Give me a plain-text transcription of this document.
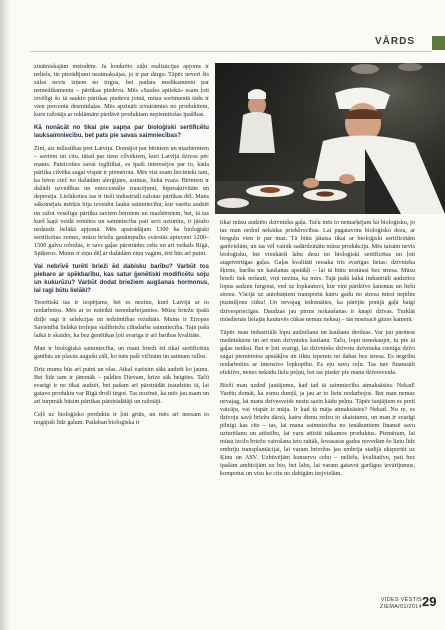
VĀRDS

zinātniskajām metodēm. Ja konkrēto zāļu realizācijas apjoms ir neliels, tie pierādījumi neatmaksājas, jo ir par dārgu. Tāpēc neveri šīs zāles nevis izņem no tirgus, bet padara medikamentu par nemedikamentu – pārtikas piedevu. Mēs «Saules aptiekā» esam ļoti izvēlīgi šo tā saukto pārtikas piedevu jomā, mūsu sortimentā tādu ir vien procenta desmitdaļas. Mēs apzināti izvairāmies no produktiem, kuru ražotājs ar reklāmām piedāvē produktam nepiemītošas īpašības.

Kā nonācāt no tikai pie sapņa par bioloģiski sertificētu lauksaimniecību, bet pats pie savas saimniecības?

Zini, aiz mīlestības pret Latviju. Domājot par bērniem un mazbērniem – saviem un citu, tātad par tiem cilvēkiem, kuri Latvijā dzīvos pēc manis. Pateicoties savai izglītībai, es īpaši interesējos par to, kāda pārtika cilvēka sugai vispār ir piemērota. Mēs visi esam liecinieki tam, ka bērni ciež no dažādām alerģijām, astmas, liekā svara. Bērniem ir dažādi uzvedības un emocionālie traucējumi, hiperaktivitāte un depresija. Lielākoties tas ir tieši industriāli ražotas pārtikas dēļ. Mans sākotnējais mērķis bija izveidot lauku saimniecību, kur varētu audzēt un ražot veselīgu pārtiku saviem bērniem un mazbērniem, bet, tā tas kurš kaŗā veidā rentētos un saimniecība pati sevi uzturētu, ir jāražo nedaudz lielākā apjomā. Mēs apstrādājam 1300 ha bioloģiski sertificētas zemes, mūsu briežu ganāmpulks svārstās aptuveni 1200–1500 galvu robežās, ir savs gaļas pārstrādes cehs un arī veikals Rīgā, Spīķeros. Mums ir ziņu dēļ ar dažādām ziņu vagām, ērtī būs arī putni.

Vai nebrīvē turēti brieži ēd dabisku barību? Varbūt tos piebaro ar spēkbarību, kas satur ģenētiski modificētu soju un kukurūzu? Varbūt dodat briežiem augšanas hormonus, lai ragi būtu lielāki?

Teorētiski tas ir iespējams, bet es nezinu, kurš Latvijā ar to nodarbotos. Mēs ar to noteikti nenodarbojamies. Mūsu briežu īpašā dzīļe ragi ir selekcijas un iedzimtības rezultāts. Mums ir Eiropas Savienībā lielākā trofejas staltbriežu ciltsdarba saimniecība. Tajā pašā laikā ir skaidrs, ka bez ģenētikas ļoti svarīga ir arī barības kvalitāte.

Man ir bioloģiskā saimniecība, un mani brieži ēd tikai sertificētās ganībās un plavās augušu zāli, ko mēs paši vīčinām un satinam rullos.

Drīz mums būs arī putni un olas. Atkal varēsim sākt audzēt ko jaunu. Bet līdz tam ir jānonāk – paldies Dievam, krīze sāk beigties. Tačū svarīgi ir ne tikai audzēt, bet pašam arī pārstrādāt izaudzēto tā, lai gatavo produktu var Rīgā drošī tirgot. Tas nozīmē, ka mēs jau esam un arī turpmāk būsim pārtikas pārstrādātāji un ražotāji.

Ceļš uz bioloģisko produktu ir ļoti grūts, un mēs arī neesam to nogājuši līdz galam. Patlaban bioloģiska ir

tikai mūsu audzēto dzīvnieku gaļa. Taču mēs to nemarķējam kā bioloģisku, jo tas man nedod nekādas priekšrocības. Lai pagatavotu bioloģisko desu, ar bioguļu vien ir par maz. Tā būtu jātaisa tikai ar bioloģiski sertificētām garšvielām, un tas vēl vairāk sadārdzinātu mūsu produkciju. Mēs taisām nevis bioloģisku, bet vienkārši labu desu no bioloģiski sertificētas un ļoti augstvērtīgas gaļas. Gaļas kvalitāti nosaka trīs svarīgas lietas: dzīvnieka šķirne, barība un kaušanas apstākļi – lai tā būtu nostāusi bez stresa. Mūsu brieži tiek nošauti, viņi nezina, ka mirs. Tajā pašā laikā industriāli audzētos lopus sadzen furgonā, ved uz lopkautuvi, kur viņi pārdzīvo šausmas un lielu stresu. Vācijā uz autobāņiem transportā katru gadu no stresa mirst nepilns pusmiljons cūku! Un nevajag iedomāties, ka pārējās ponijā gaļā baigi dzīvespriecīgās. Daudzas jau pirms nokaušanas ir knapi dzīvas. Turklāt mūsdienās lielajās kautuvēs cūkas nemaz nekauj – tās nosmacē gāzes kamerā.

Tāpēc man industriālā lopu audzēšana un kaušana derdzas. Var jau pārmest medniekiem un arī man dzīvnieku šaušanu. Taču, lopu nenokaujot, tu pie tā gaļas netiksi. Bet ir ļoti svarīgi, lai dzīvnieks dzīvotu dzīvnieka cienīgu dzīvi sugai piemērotos apstākļos un tiktu izpemts no dabas bez stresa. Es negribu nodarboties ar intensīvo lopkopību. Es eju savu ceļu. Tas nav finansiāli efektīvs, nenes nekādu lielu peļņu, bet tas pieder pie mana dzīvesveida.

Bieži man uzdod jautājumu, kad tad tā saimniecība atmaksāsies. Nekad! Varētu domāt, ka esmu dumjš, ja jau ar to lietu nodarbojos. Bet man nemaz nevajag, lai mans dzīvesveids nestu sazin kādu peļņu. Tāpēc taujājiem es pretī vaicāju, vai vispār ir māja. Ir kad tā māja atmaksāsies? Nekad. Nu re, es dzīvoju savā briežu dārzā, katru dienu redzu to skaistumu, un man ir svarīgi pilnīgi kas cits – tas, lai mana saimniecība no ienākumiem finansē savu uzturēšanu un attīstību, lai varu attīstīt nākamos produktus. Piemēram, lai mūsu izcilo briežu vairošana ietu raitāk, šovasaras gados novedām šo lietu līdz embriju transplantācijai, lai varam brieržus jau embrija stadijā eksportēt uz Ķīnu un ASV. Uzbūvējām konservu cehu – nelielu, kvalitatīvu, pati bez īpašām ambīcijām uz bio, bet labu, lai varam gatavot garšīgus ievārījumus, kompotus un visu ko citu no dabīgām izejvielām.

VIDES VĒSTIS
ZIEMA/01/2014 29
